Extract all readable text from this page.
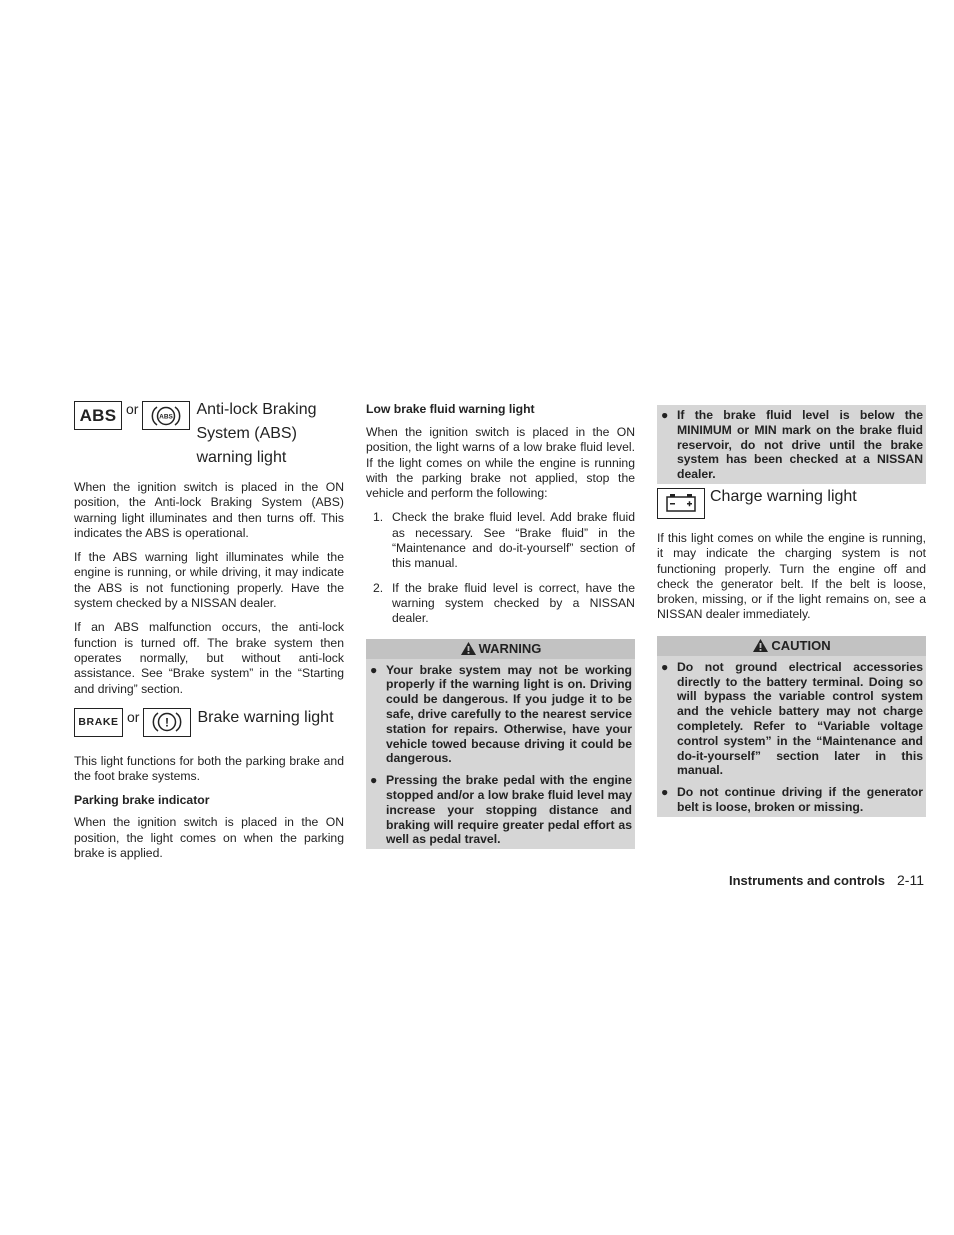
ABS or	ABS Anti-lock Braking
System (ABS)
warning light

When the ignition switch is placed in the ON position, the Anti-lock Braking System (ABS) warning light illuminates and then turns off. This indicates the ABS is operational.

If the ABS warning light illuminates while the engine is running, or while driving, it may indicate the ABS is not functioning properly. Have the system checked by a NISSAN dealer.

If an ABS malfunction occurs, the anti-lock function is turned off. The brake system then operates normally, but without anti-lock assistance. See “Brake system” in the “Starting and driving” section.

BRAKE or ! Brake warning light

This light functions for both the parking brake and the foot brake systems.

Parking brake indicator

When the ignition switch is placed in the ON position, the light comes on when the parking brake is applied.

Low brake fluid warning light

When the ignition switch is placed in the ON position, the light warns of a low brake fluid level. If the light comes on while the engine is running with the parking brake not applied, stop the vehicle and perform the following:

1. Check the brake fluid level. Add brake fluid as necessary. See “Brake fluid” in the “Maintenance and do-it-yourself” section of this manual.
2. If the brake fluid level is correct, have the warning system checked by a NISSAN dealer.
WARNING
● Your brake system may not be working properly if the warning light is on. Driving could be dangerous. If you judge it to be safe, drive carefully to the nearest service station for repairs. Otherwise, have your vehicle towed because driving it could be dangerous.
● Pressing the brake pedal with the engine stopped and/or a low brake fluid level may increase your stopping distance and braking will require greater pedal effort as well as pedal travel.
● If the brake fluid level is below the MINIMUM or MIN mark on the brake fluid reservoir, do not drive until the brake system has been checked at a NISSAN dealer.
Charge warning light

If this light comes on while the engine is running, it may indicate the charging system is not functioning properly. Turn the engine off and check the generator belt. If the belt is loose, broken, missing, or if the light remains on, see a NISSAN dealer immediately.

CAUTION
● Do not ground electrical accessories directly to the battery terminal. Doing so will bypass the variable control system and the vehicle battery may not charge completely. Refer to “Variable voltage control system” in the “Maintenance and do-it-yourself” section later in this manual.
● Do not continue driving if the generator belt is loose, broken or missing.
Instruments and controls 2-11
